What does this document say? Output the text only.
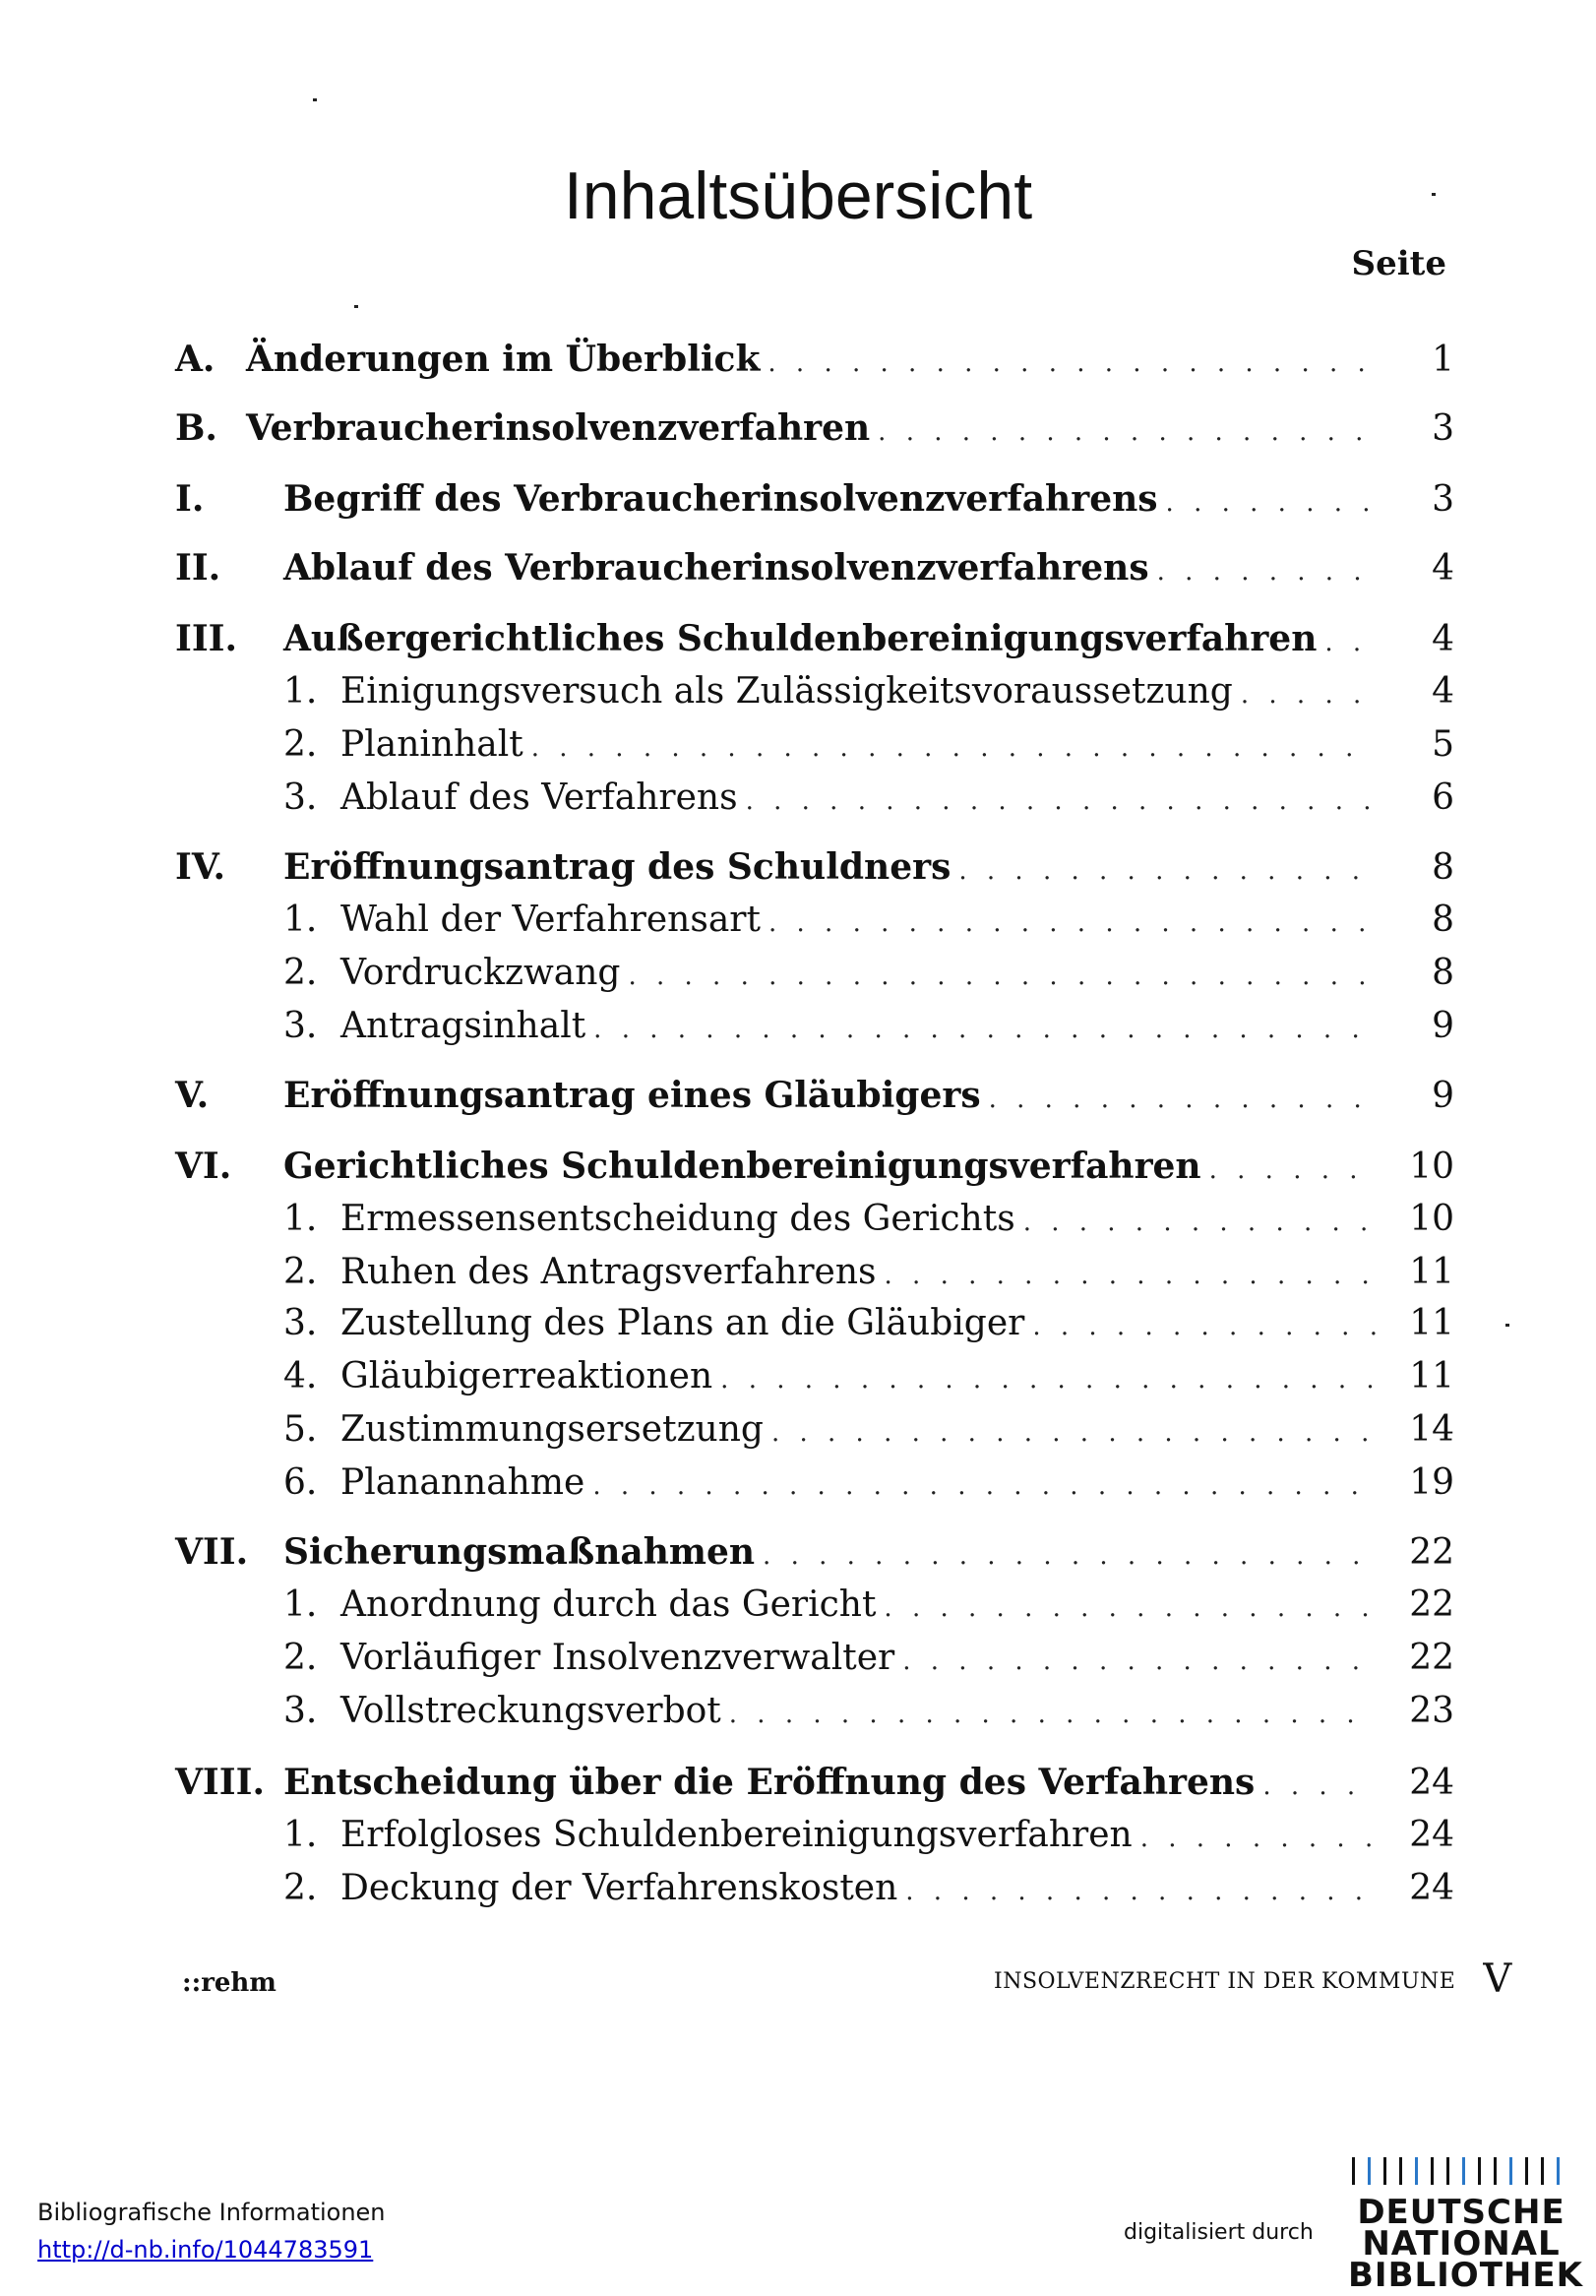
Inhaltsübersicht
Seite
A. Änderungen im Überblick . . .	1
B. Verbraucherinsolvenzverfahren . . .	3
I.	Begriff des Verbraucherinsolvenzverfahrens . . .	3
II.	Ablauf des Verbraucherinsolvenzverfahrens . . .	4
III.	Außergerichtliches Schuldenbereinigungsverfahren . . .	4
1. Einigungsversuch als Zulässigkeitsvoraussetzung . . .	4
2. Planinhalt . . .	5
3. Ablauf des Verfahrens . . .	6
IV.	Eröffnungsantrag des Schuldners . . .	8
1. Wahl der Verfahrensart . . .	8
2. Vordruckzwang . . .	8
3. Antragsinhalt . . .	9
V.	Eröffnungsantrag eines Gläubigers . . .	9
VI.	Gerichtliches Schuldenbereinigungsverfahren . . .	10
1. Ermessensentscheidung des Gerichts . . .	10
2. Ruhen des Antragsverfahrens . . .	11
3. Zustellung des Plans an die Gläubiger . . .	11
4. Gläubigerreaktionen . . .	11
5. Zustimmungsersetzung . . .	14
6. Planannahme . . .	19
VII. Sicherungsmaßnahmen . . .	22
1. Anordnung durch das Gericht . . .	22
2. Vorläufiger Insolvenzverwalter . . .	22
3. Vollstreckungsverbot . . .	23
VIII. Entscheidung über die Eröffnung des Verfahrens . . .	24
1. Erfolgloses Schuldenbereinigungsverfahren . . .	24
2. Deckung der Verfahrenskosten . . .	24
::rehm	INSOLVENZRECHT IN DER KOMMUNE V
Bibliografische Informationen
http://d-nb.info/1044783591
digitalisiert durch
DEUTSCHE
NATIONAL
BIBLIOTHEK
